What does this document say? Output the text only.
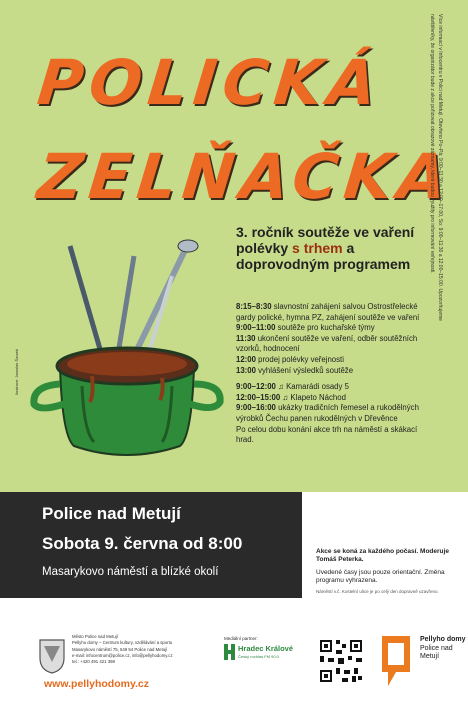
POLICKÁ
ZELŇAČKA
Více informací v Infocentru v Polici nad Metují. Otevřeno Po–Pá: 9:00–11:30 a 12:00–17:00, So: 9:00–11:30 a 12:00–15:00. Upozorňujeme návštěvníky, že organizátor bude z akce pořizovat obrazové záznamy, které budou využity pro informování veřejnosti.
Ilustrace: Jaroslav Šourek
3. ročník soutěže ve vaření polévky s trhem a doprovodným programem
8:15–8:30 slavnostní zahájení salvou Ostrostřelecké gardy polické, hymna PZ, zahájení soutěže ve vaření
9:00–11:00 soutěže pro kuchařské týmy
11:30 ukončení soutěže ve vaření, odběr soutěžních vzorků, hodnocení
12:00 prodej polévky veřejnosti
13:00 vyhlášení výsledků soutěže
9:00–12:00 ♫ Kamarádi osady 5
12:00–15:00 ♫ Klapeto Náchod
9:00–16:00 ukázky tradičních řemesel a rukodělných výrobků Čechu panen rukodělných v Dřevěnce
Po celou dobu konání akce trh na náměstí a skákací hrad.
Police nad Metují
Sobota 9. června od 8:00
Masarykovo náměstí a blízké okolí
Akce se koná za každého počasí. Moderuje Tomáš Peterka.
Uvedené časy jsou pouze orientační. Změna programu vyhrazena.
Náměstí v.č. Kostelní ulice je po celý den dopravně uzavřeno.
Město Police nad Metují
Pellyho domy – Centrum kultury, vzdělávání a sportu
Masarykovo náměstí 75, 549 54 Police nad Metují
e-mail: infocentrum@police.cz, info@pellyhodomy.cz
tel.: +420 491 421 398
www.pellyhodomy.cz
Mediální partner:
Hradec Králové
Český rozhlas FM 90.0
Pellyho domy
Police nad Metují
